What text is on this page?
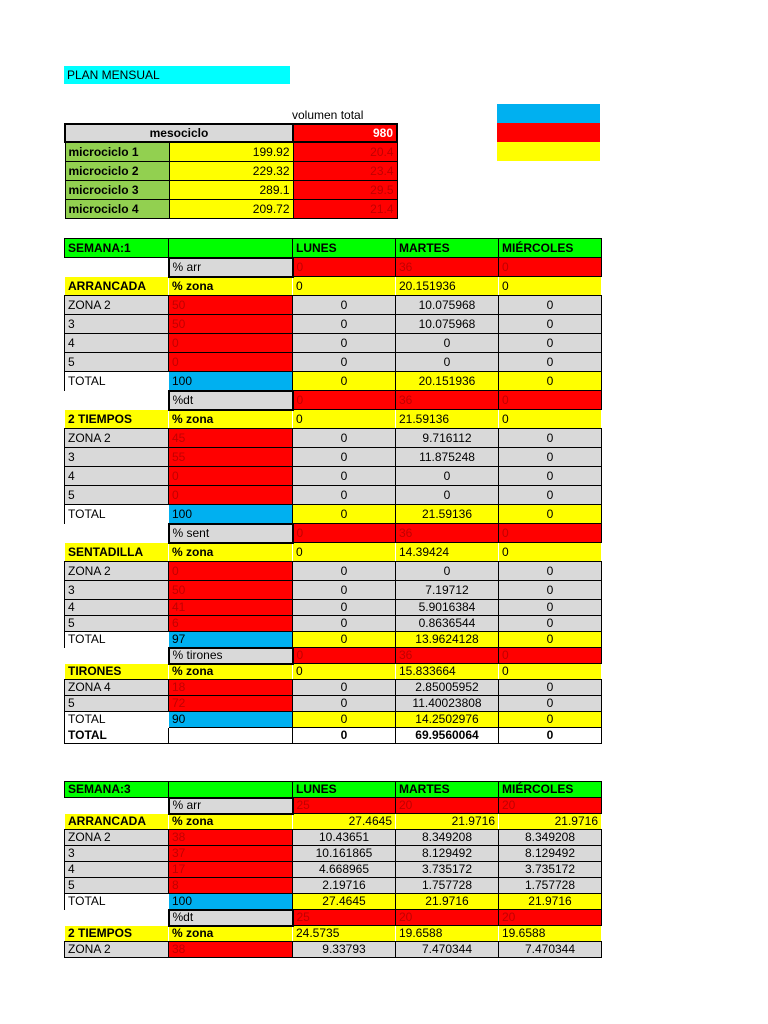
PLAN MENSUAL
volumen total
mesociclo		980
microciclo 1	199.92	20.4
microciclo 2	229.32	23.4
microciclo 3	289.1	29.5
microciclo 4	209.72	21.4
SEMANA:1		LUNES	MARTES	MIÉRCOLES
	% arr	0	36	0
ARRANCADA	% zona	0	20.151936	0
ZONA 2	50	0	10.075968	0
3	50	0	10.075968	0
4	0	0	0	0
5	0	0	0	0
TOTAL	100	0	20.151936	0
	%dt	0	36	0
2 TIEMPOS	% zona	0	21.59136	0
ZONA 2	45	0	9.716112	0
3	55	0	11.875248	0
4	0	0	0	0
5	0	0	0	0
TOTAL	100	0	21.59136	0
	% sent	0	36	0
SENTADILLA	% zona	0	14.39424	0
ZONA 2	0	0	0	0
3	50	0	7.19712	0
4	41	0	5.9016384	0
5	6	0	0.8636544	0
TOTAL	97	0	13.9624128	0
	% tirones	0	36	0
TIRONES	% zona	0	15.833664	0
ZONA 4	18	0	2.85005952	0
5	72	0	11.40023808	0
TOTAL	90	0	14.2502976	0
TOTAL		0	69.9560064	0
SEMANA:3		LUNES	MARTES	MIÉRCOLES
	% arr	25	20	20
ARRANCADA	% zona	27.4645	21.9716	21.9716
ZONA 2	38	10.43651	8.349208	8.349208
3	37	10.161865	8.129492	8.129492
4	17	4.668965	3.735172	3.735172
5	8	2.19716	1.757728	1.757728
TOTAL	100	27.4645	21.9716	21.9716
	%dt	25	20	20
2 TIEMPOS	% zona	24.5735	19.6588	19.6588
ZONA 2	38	9.33793	7.470344	7.470344
